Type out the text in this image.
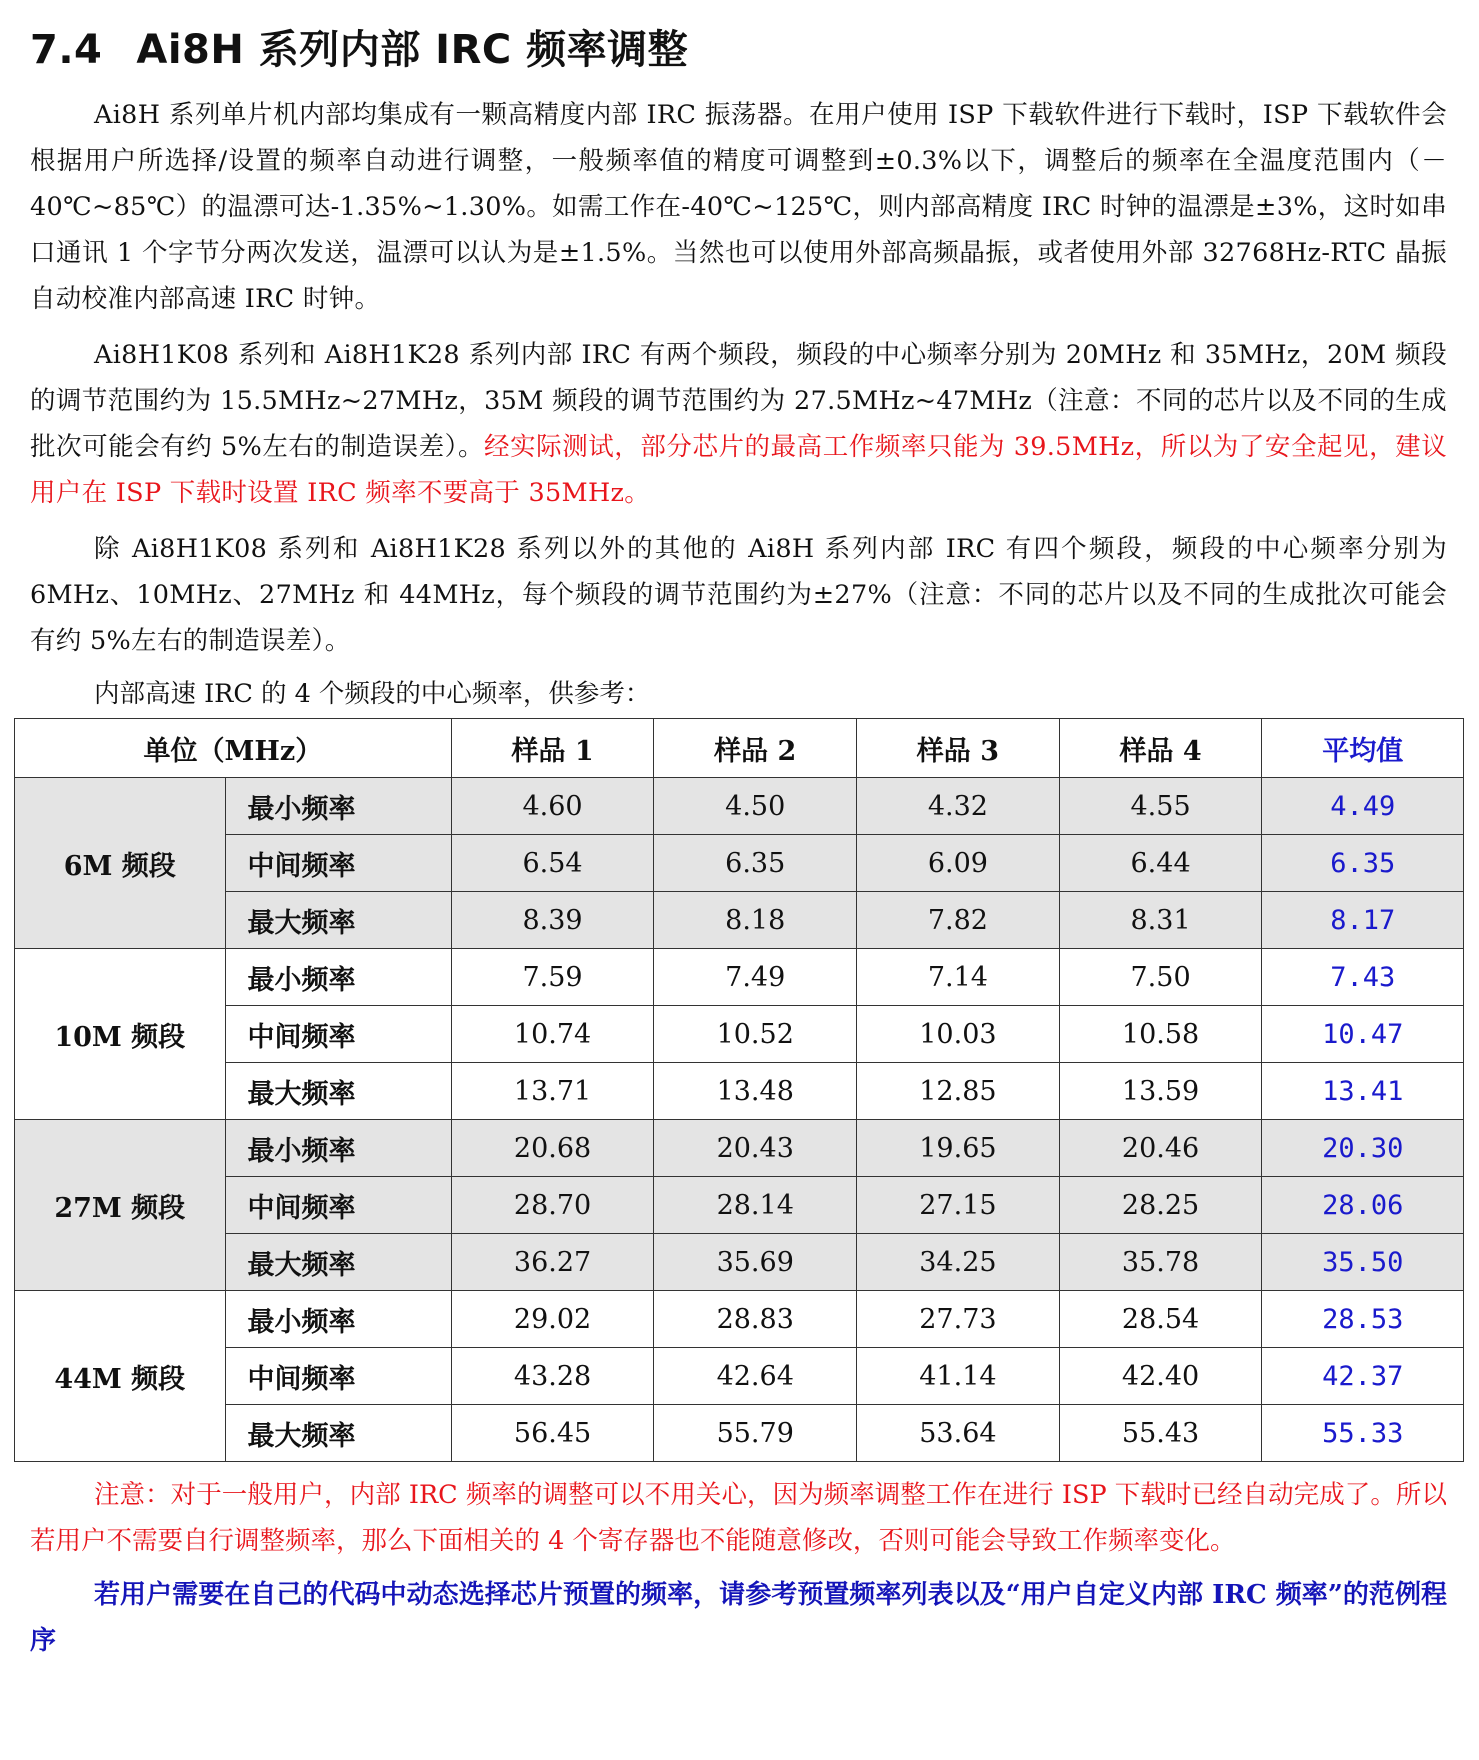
7.4 Ai8H 系列内部 IRC 频率调整

Ai8H 系列单片机内部均集成有一颗高精度内部 IRC 振荡器。在用户使用 ISP 下载软件进行下载时，ISP 下载软件会根据用户所选择/设置的频率自动进行调整，一般频率值的精度可调整到±0.3%以下，调整后的频率在全温度范围内（－40℃~85℃）的温漂可达-1.35%~1.30%。如需工作在-40℃~125℃，则内部高精度 IRC 时钟的温漂是±3%，这时如串口通讯 1 个字节分两次发送，温漂可以认为是±1.5%。当然也可以使用外部高频晶振，或者使用外部 32768Hz-RTC 晶振自动校准内部高速 IRC 时钟。

Ai8H1K08 系列和 Ai8H1K28 系列内部 IRC 有两个频段，频段的中心频率分别为 20MHz 和 35MHz，20M 频段的调节范围约为 15.5MHz~27MHz，35M 频段的调节范围约为 27.5MHz~47MHz（注意：不同的芯片以及不同的生成批次可能会有约 5%左右的制造误差）。经实际测试，部分芯片的最高工作频率只能为 39.5MHz，所以为了安全起见，建议用户在 ISP 下载时设置 IRC 频率不要高于 35MHz。

除 Ai8H1K08 系列和 Ai8H1K28 系列以外的其他的 Ai8H 系列内部 IRC 有四个频段，频段的中心频率分别为 6MHz、10MHz、27MHz 和 44MHz，每个频段的调节范围约为±27%（注意：不同的芯片以及不同的生成批次可能会有约 5%左右的制造误差）。

内部高速 IRC 的 4 个频段的中心频率，供参考：

单位（MHz）		样品 1	样品 2	样品 3	样品 4	平均值
6M 频段	最小频率	4.60	4.50	4.32	4.55	4.49
	中间频率	6.54	6.35	6.09	6.44	6.35
	最大频率	8.39	8.18	7.82	8.31	8.17
10M 频段	最小频率	7.59	7.49	7.14	7.50	7.43
	中间频率	10.74	10.52	10.03	10.58	10.47
	最大频率	13.71	13.48	12.85	13.59	13.41
27M 频段	最小频率	20.68	20.43	19.65	20.46	20.30
	中间频率	28.70	28.14	27.15	28.25	28.06
	最大频率	36.27	35.69	34.25	35.78	35.50
44M 频段	最小频率	29.02	28.83	27.73	28.54	28.53
	中间频率	43.28	42.64	41.14	42.40	42.37
	最大频率	56.45	55.79	53.64	55.43	55.33

注意：对于一般用户，内部 IRC 频率的调整可以不用关心，因为频率调整工作在进行 ISP 下载时已经自动完成了。所以若用户不需要自行调整频率，那么下面相关的 4 个寄存器也不能随意修改，否则可能会导致工作频率变化。

若用户需要在自己的代码中动态选择芯片预置的频率，请参考预置频率列表以及“用户自定义内部 IRC 频率”的范例程序
